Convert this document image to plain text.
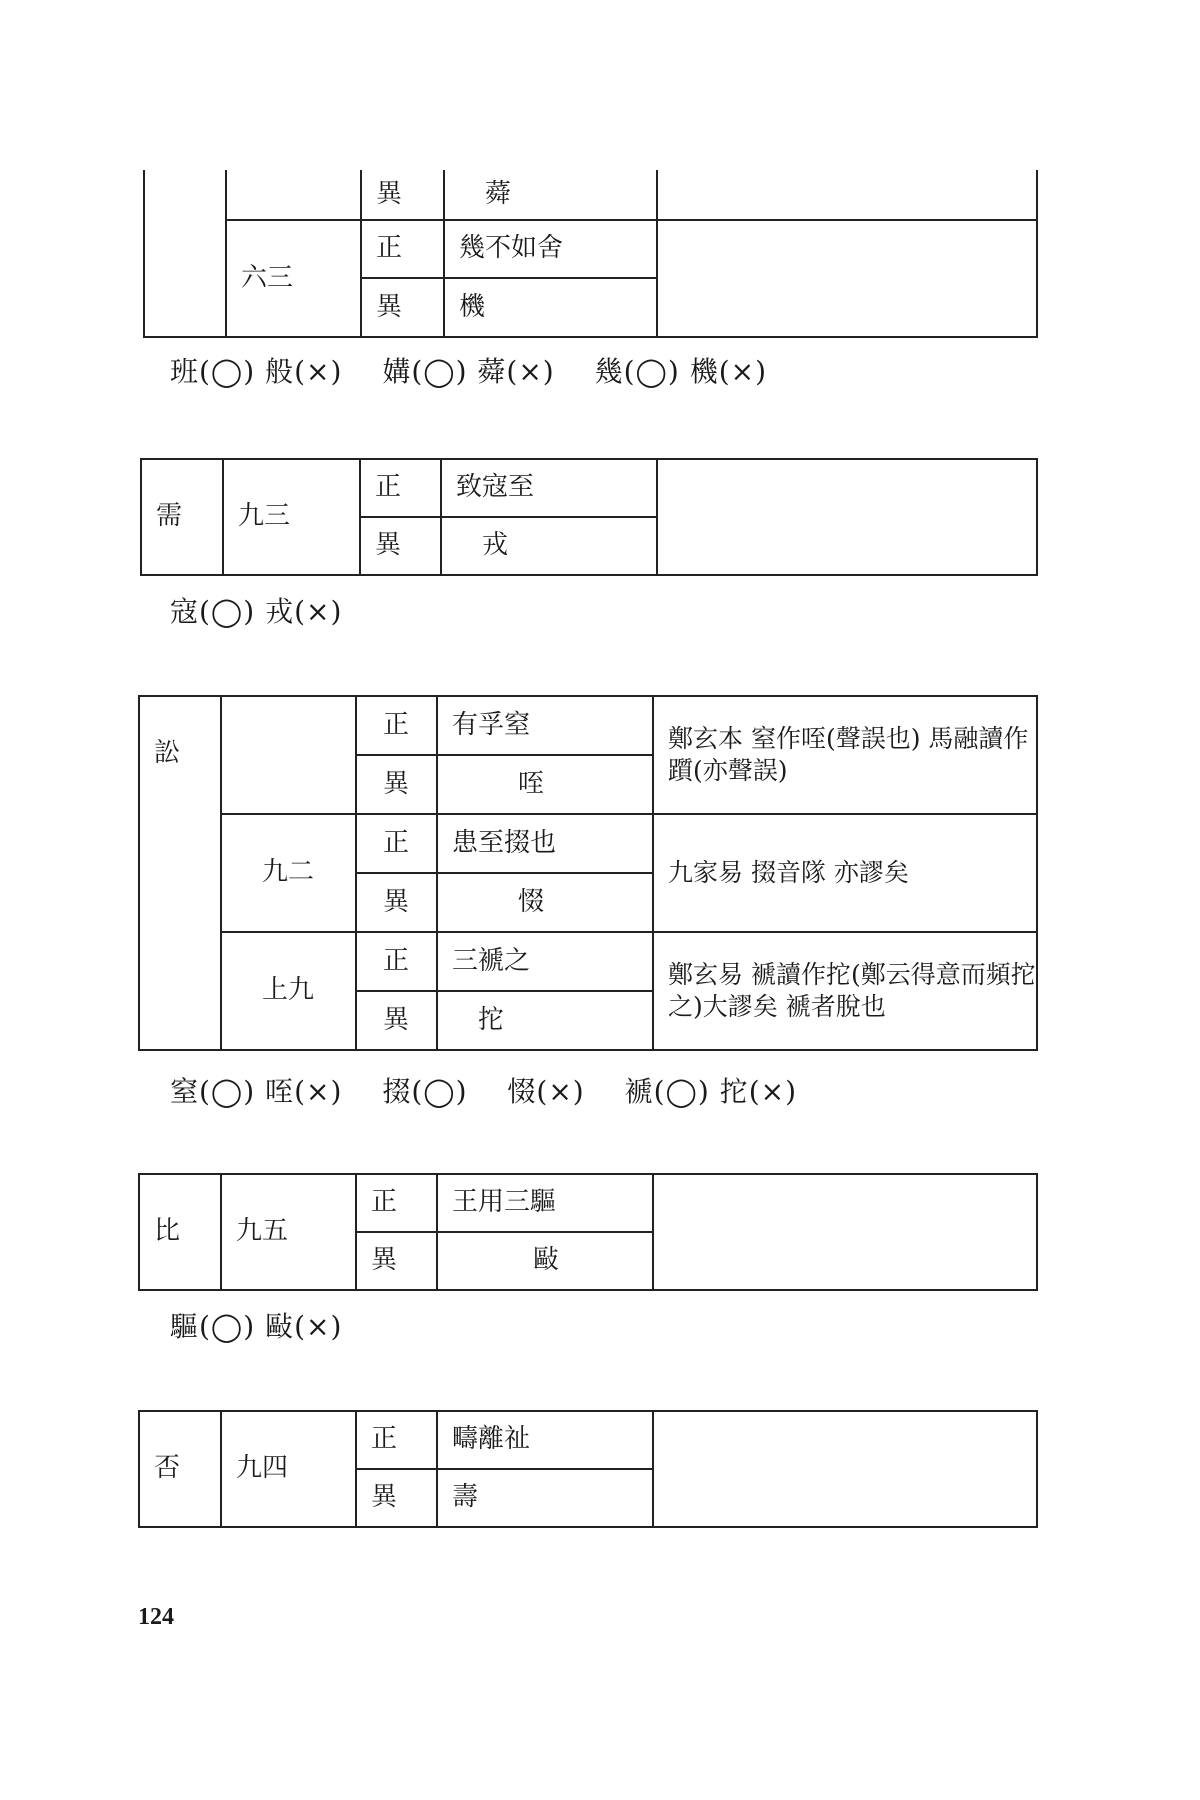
		異	蕣	
	六三	正	幾不如舍	
		異	機	
班(◯) 般(×) 媾(◯) 蕣(×) 幾(◯) 機(×)
需	九三	正	致寇至	
		異	戎	
寇(◯) 戎(×)
訟		正	有孚窒	鄭玄本 窒作咥(聲誤也) 馬融讀作躓(亦聲誤)
		異	咥	
	九二	正	患至掇也	九家易 掇音隊 亦謬矣
		異	惙	
	上九	正	三褫之	鄭玄易 褫讀作拕(鄭云得意而頻拕之)大謬矣 褫者脫也
		異	拕	
窒(◯) 咥(×) 掇(◯) 惙(×) 褫(◯) 拕(×)
比	九五	正	王用三驅	
		異	敺	
驅(◯) 敺(×)
否	九四	正	疇離祉	
		異	壽	
124
